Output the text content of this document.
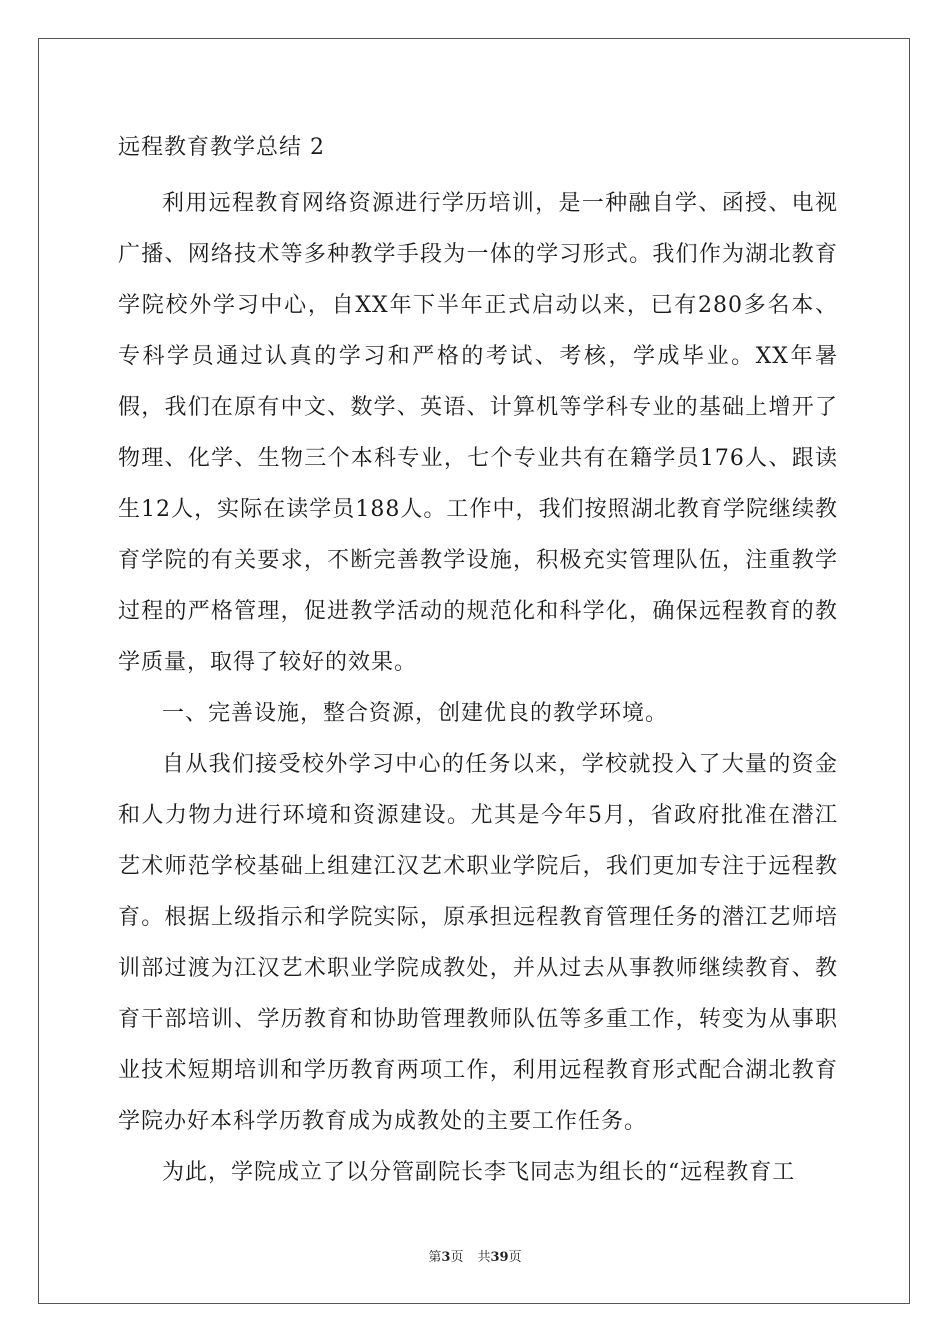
远程教育教学总结 2

利用远程教育网络资源进行学历培训，是一种融自学、函授、电视广播、网络技术等多种教学手段为一体的学习形式。我们作为湖北教育学院校外学习中心，自XX年下半年正式启动以来，已有280多名本、专科学员通过认真的学习和严格的考试、考核，学成毕业。XX年暑假，我们在原有中文、数学、英语、计算机等学科专业的基础上增开了物理、化学、生物三个本科专业，七个专业共有在籍学员176人、跟读生12人，实际在读学员188人。工作中，我们按照湖北教育学院继续教育学院的有关要求，不断完善教学设施，积极充实管理队伍，注重教学过程的严格管理，促进教学活动的规范化和科学化，确保远程教育的教学质量，取得了较好的效果。

一、完善设施，整合资源，创建优良的教学环境。

自从我们接受校外学习中心的任务以来，学校就投入了大量的资金和人力物力进行环境和资源建设。尤其是今年5月，省政府批准在潜江艺术师范学校基础上组建江汉艺术职业学院后，我们更加专注于远程教育。根据上级指示和学院实际，原承担远程教育管理任务的潜江艺师培训部过渡为江汉艺术职业学院成教处，并从过去从事教师继续教育、教育干部培训、学历教育和协助管理教师队伍等多重工作，转变为从事职业技术短期培训和学历教育两项工作，利用远程教育形式配合湖北教育学院办好本科学历教育成为成教处的主要工作任务。

为此，学院成立了以分管副院长李飞同志为组长的“远程教育工

第3页 共39页
